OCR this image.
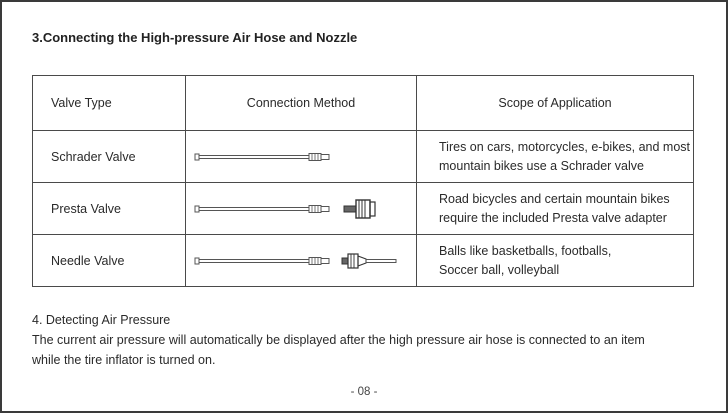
3.Connecting the High-pressure Air Hose and Nozzle
Valve Type	Connection Method	Scope of Application
Schrader Valve		Tires on cars, motorcycles, e-bikes, and most
mountain bikes use a Schrader valve

Presta Valve		Road bicycles and certain mountain bikes
require the included Presta valve adapter

Needle Valve		Balls like basketballs, footballs,
Soccer ball, volleyball
4. Detecting Air Pressure
The current air pressure will automatically be displayed after the high pressure air hose is connected to an item
while the tire inflator is turned on.
- 08 -
